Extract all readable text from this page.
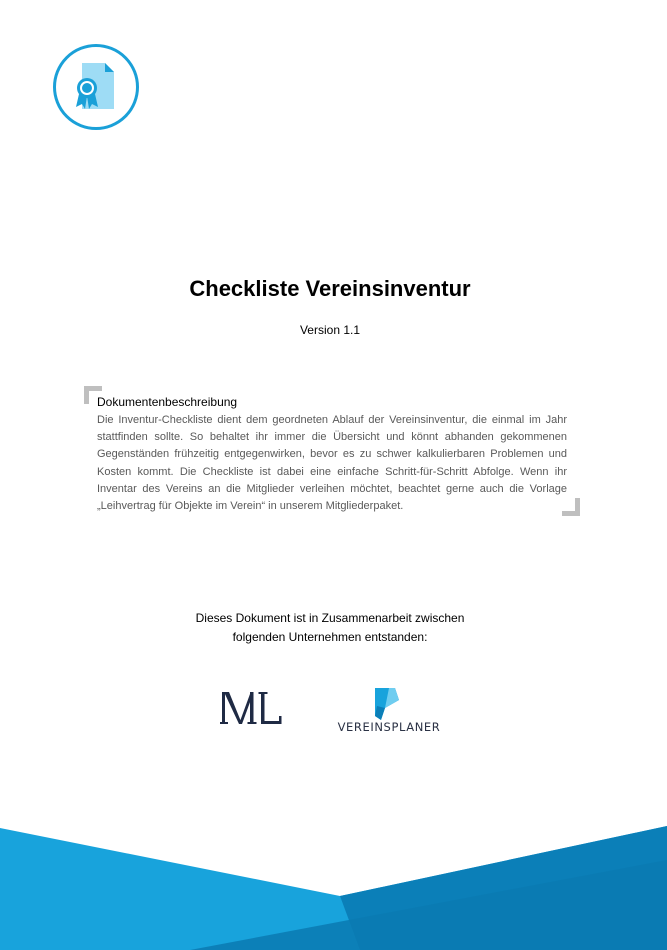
Checkliste Vereinsinventur
Version 1.1
Dokumentenbeschreibung
Die Inventur-Checkliste dient dem geordneten Ablauf der Vereinsinventur, die einmal im Jahr stattfinden sollte. So behaltet ihr immer die Übersicht und könnt abhanden gekommenen Gegenständen frühzeitig entgegenwirken, bevor es zu schwer kalkulierbaren Problemen und Kosten kommt. Die Checkliste ist dabei eine einfache Schritt-für-Schritt Abfolge. Wenn ihr Inventar des Vereins an die Mitglieder verleihen möchtet, beachtet gerne auch die Vorlage „Leihvertrag für Objekte im Verein“ in unserem Mitgliederpaket.
Dieses Dokument ist in Zusammenarbeit zwischen
folgenden Unternehmen entstanden:
VEREINSPLANER
